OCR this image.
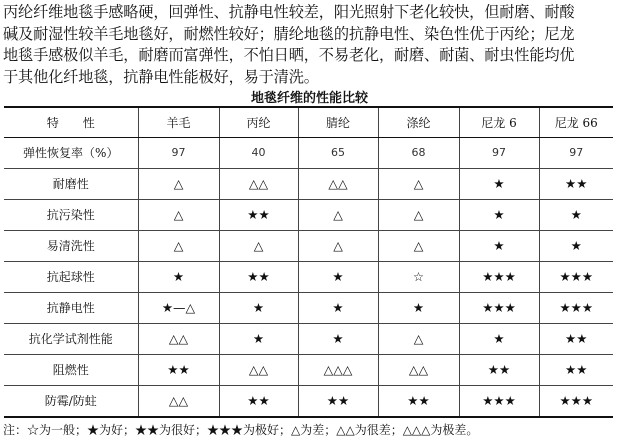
丙纶纤维地毯手感略硬，回弹性、抗静电性较差，阳光照射下老化较快，但耐磨、耐酸
碱及耐湿性较羊毛地毯好，耐燃性较好；腈纶地毯的抗静电性、染色性优于丙纶；尼龙
地毯手感极似羊毛，耐磨而富弹性，不怕日晒，不易老化，耐磨、耐菌、耐虫性能均优
于其他化纤地毯，抗静电性能极好，易于清洗。
地毯纤维的性能比较
特　　性	羊毛	丙纶	腈纶	涤纶	尼龙 6	尼龙 66
弹性恢复率（%）	97	40	65	68	97	97
耐磨性	△	△△	△△	△	★	★★
抗污染性	△	★★	△	△	★	★
易清洗性	△	△	△	△	★	★
抗起球性	★	★★	★	☆	★★★	★★★
抗静电性	★—△	★	★	★	★★★	★★★
抗化学试剂性能	△△	★	★	△	★	★★
阻燃性	★★	△△	△△△	△△	★★	★★
防霉/防蛀	△△	★★	★★	★★	★★★	★★★
注：☆为一般；★为好；★★为很好；★★★为极好；△为差；△△为很差；△△△为极差。
